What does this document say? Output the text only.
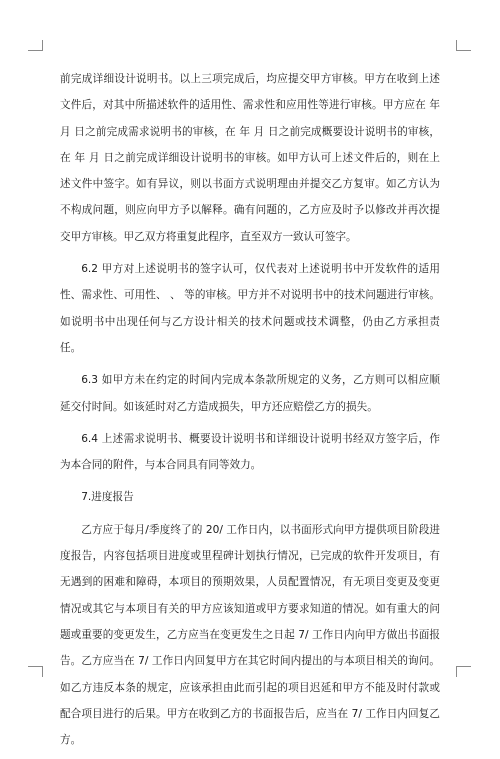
前完成详细设计说明书。以上三项完成后，均应提交甲方审核。甲方在收到上述文件后，对其中所描述软件的适用性、需求性和应用性等进行审核。甲方应在 年 月 日之前完成需求说明书的审核，在 年 月 日之前完成概要设计说明书的审核，在 年 月 日之前完成详细设计说明书的审核。如甲方认可上述文件后的，则在上述文件中签字。如有异议，则以书面方式说明理由并提交乙方复审。如乙方认为不构成问题，则应向甲方予以解释。确有问题的，乙方应及时予以修改并再次提交甲方审核。甲乙双方将重复此程序，直至双方一致认可签字。

6.2 甲方对上述说明书的签字认可，仅代表对上述说明书中开发软件的适用性、需求性、可用性、 、 等的审核。甲方并不对说明书中的技术问题进行审核。如说明书中出现任何与乙方设计相关的技术问题或技术调整，仍由乙方承担责任。

6.3 如甲方未在约定的时间内完成本条款所规定的义务，乙方则可以相应顺延交付时间。如该延时对乙方造成损失，甲方还应赔偿乙方的损失。

6.4 上述需求说明书、概要设计说明书和详细设计说明书经双方签字后，作为本合同的附件，与本合同具有同等效力。

7.进度报告

乙方应于每月/季度终了的 20/ 工作日内，以书面形式向甲方提供项目阶段进度报告，内容包括项目进度或里程碑计划执行情况，已完成的软件开发项目，有无遇到的困难和障碍，本项目的预期效果，人员配置情况，有无项目变更及变更情况或其它与本项目有关的甲方应该知道或甲方要求知道的情况。如有重大的问题或重要的变更发生，乙方应当在变更发生之日起 7/ 工作日内向甲方做出书面报告。乙方应当在 7/ 工作日内回复甲方在其它时间内提出的与本项目相关的询问。如乙方违反本条的规定，应该承担由此而引起的项目迟延和甲方不能及时付款或配合项目进行的后果。甲方在收到乙方的书面报告后，应当在 7/ 工作日内回复乙方。
